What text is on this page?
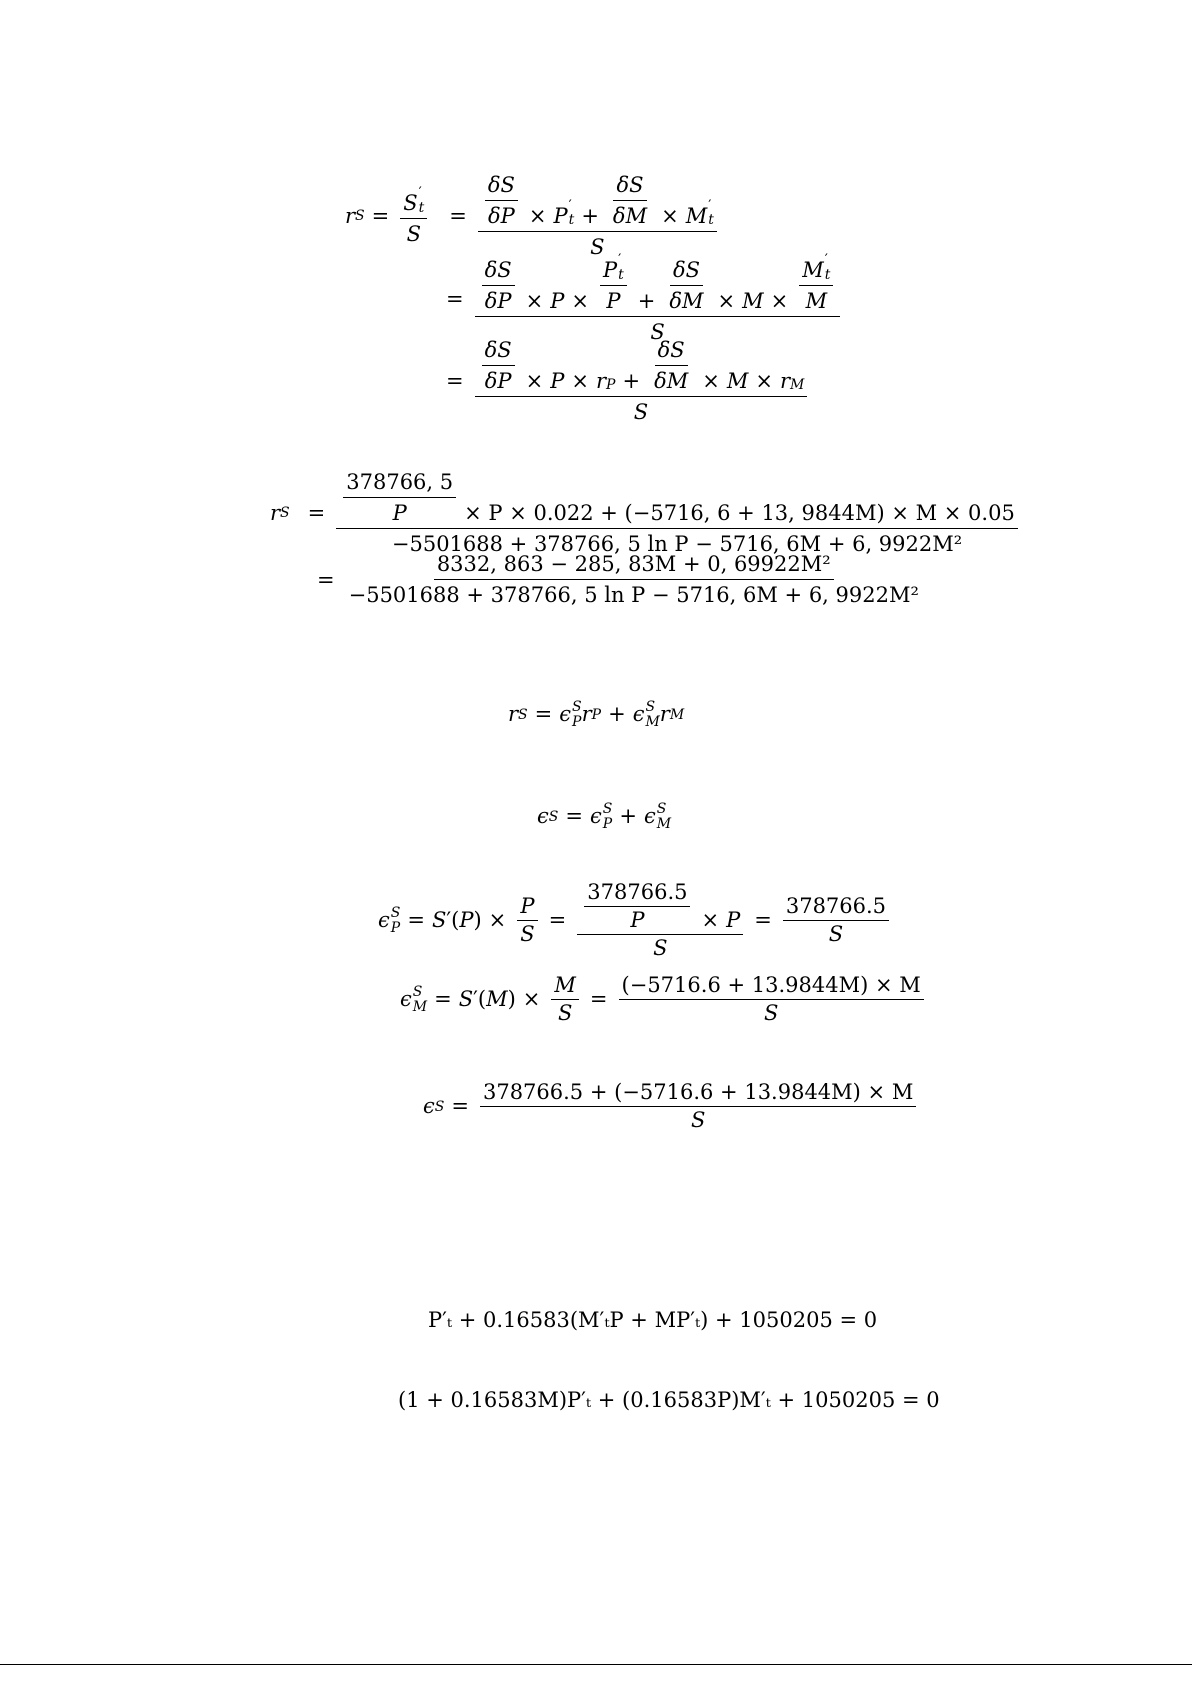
r S = S ′
t
$S = \frac{\delta S}{\delta P} \times P$ ′
$t + \frac{\delta S}{\delta M} \times M$ ′
t
S
= $\frac{\delta S}{\delta P} \times P \times P$ ′
t
$P + \frac{\delta S}{\delta M} \times M \times M$ ′
t
M
S
= $\frac{\delta S}{\delta P} \times P \times r$ $P + \frac{\delta S}{\delta M} \times M \times r$ M
S
r $S = \frac{378766, 5}{P} \times P \times 0.022 + (-5716$, 6 + 13, 9844M) × M × 0.05
−5501688 + 378766, 5 ln P − 5716, 6M + 6, 9922M²
= $\frac{\text{8332, 863 − 285, 83M + 0, 69922M²}}{\text{−5501688 + 378766, 5 ln P − 5716, 6M + 6, 9922M²}}$
r S = ϵ S
P r P + ϵ S
M r M
ϵ S = ϵ S
P + ϵ S
M
ϵ S
P = S ′( P ) × $\frac{P}{S} = \frac{\frac{378766.5}{P} \times P}{S} = \frac{378766.5}{S}$
ϵ S
M = S ′( M ) × $\frac{M}{S} = \frac{(-5716.6 + 13.9844M) \times M}{S}$
ϵ $S = \frac{378766.5 + (-5716.6 + 13.9844M) \times M}{S}$
P′ₜ + 0.16583(M′ₜP + MP′ₜ) + 1050205 = 0
(1 + 0.16583M)P′ₜ + (0.16583P)M′ₜ + 1050205 = 0
